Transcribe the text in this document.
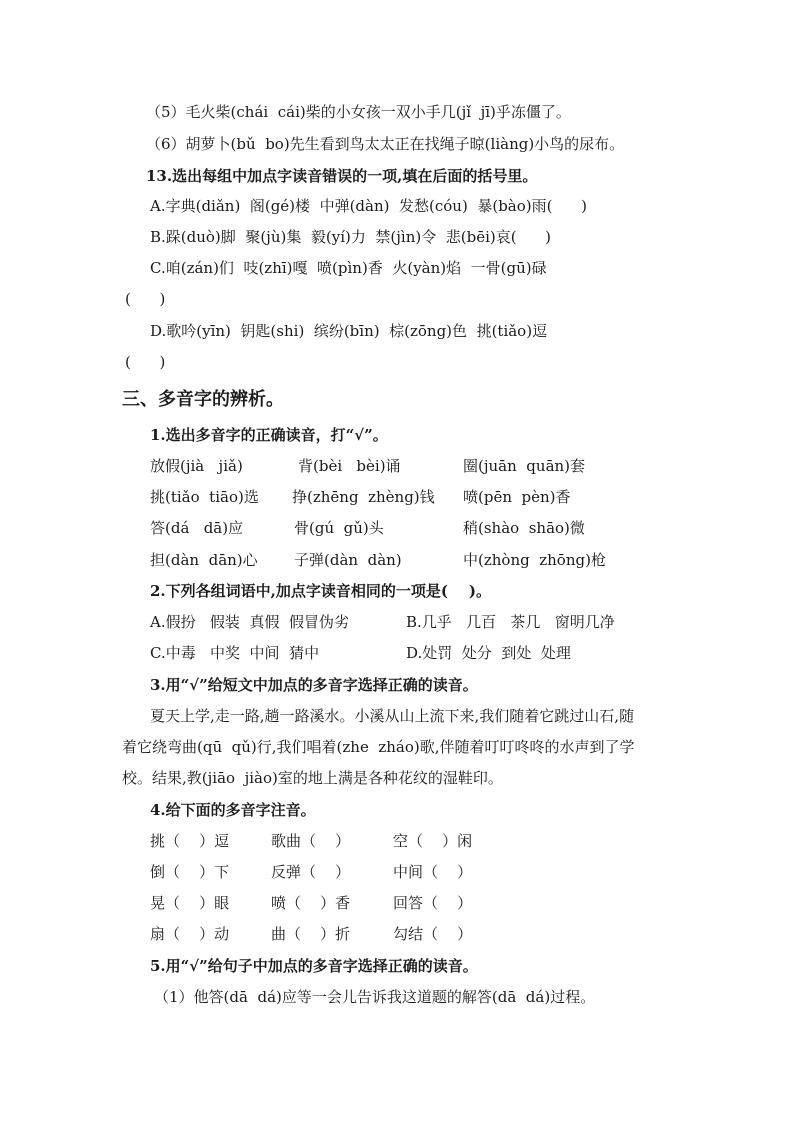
（5）毛火柴(chái  cái)柴的小女孩一双小手几(jǐ  jī)乎冻僵了。
（6）胡萝卜(bǔ  bo)先生看到鸟太太正在找绳子晾(liàng)小鸟的尿布。
13.选出每组中加点字读音错误的一项,填在后面的括号里。
A.字典(diǎn)  阁(gé)楼  中弹(dàn)  发愁(cóu)  暴(bào)雨(      )
B.跺(duò)脚  聚(jù)集  毅(yí)力  禁(jìn)令  悲(bēi)哀(      )
C.咱(zán)们  吱(zhī)嘎  喷(pìn)香  火(yàn)焰  一骨(gū)碌
(      )
D.歌吟(yīn)  钥匙(shi)  缤纷(bīn)  棕(zōng)色  挑(tiǎo)逗
(      )
三、多音字的辨析。
1.选出多音字的正确读音，打“√”。
放假(jià   jiǎ)	背(bèi   bèi)诵	圈(juān  quān)套
挑(tiǎo  tiāo)选 挣(zhēng  zhèng)钱 喷(pēn  pèn)香
答(dá   dā)应	骨(gú  gǔ)头	稍(shào  shāo)微
担(dàn  dān)心 子弹(dàn  dàn)	中(zhòng  zhōng)枪
2.下列各组词语中,加点字读音相同的一项是(    )。
A.假扮   假装  真假  假冒伪劣	B.几乎   几百   茶几   窗明几净
C.中毒   中奖  中间  猜中	D.处罚  处分  到处  处理
3.用“√”给短文中加点的多音字选择正确的读音。
夏天上学,走一路,趟一路溪水。小溪从山上流下来,我们随着它跳过山石,随
着它绕弯曲(qū  qǔ)行,我们唱着(zhe  zháo)歌,伴随着叮叮咚咚的水声到了学
校。结果,教(jiāo  jiào)室的地上满是各种花纹的湿鞋印。
4.给下面的多音字注音。
挑（    ）逗	歌曲（    ）	空（    ）闲
倒（    ）下	反弹（    ）	中间（    ）
晃（    ）眼	喷（    ）香	回答（    ）
扇（    ）动	曲（    ）折	勾结（    ）
5.用“√”给句子中加点的多音字选择正确的读音。
（1）他答(dā  dá)应等一会儿告诉我这道题的解答(dā  dá)过程。
